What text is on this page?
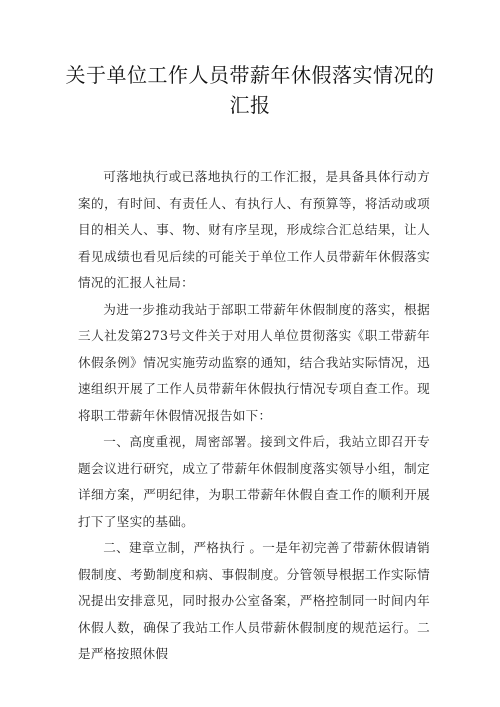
关于单位工作人员带薪年休假落实情况的
汇报

可落地执行或已落地执行的工作汇报，是具备具体行动方案的，有时间、有责任人、有执行人、有预算等，将活动或项目的相关人、事、物、财有序呈现，形成综合汇总结果，让人看见成绩也看见后续的可能关于单位工作人员带薪年休假落实情况的汇报人社局：

为进一步推动我站于部职工带薪年休假制度的落实，根据三人社发第273号文件关于对用人单位贯彻落实《职工带薪年休假条例》情况实施劳动监察的通知，结合我站实际情况，迅速组织开展了工作人员带薪年休假执行情况专项自查工作。现将职工带薪年休假情况报告如下：

一、高度重视，周密部署。接到文件后，我站立即召开专题会议进行研究，成立了带薪年休假制度落实领导小组，制定详细方案，严明纪律，为职工带薪年休假自查工作的顺利开展打下了坚实的基础。

二、建章立制，严格执行 。一是年初完善了带薪休假请销假制度、考勤制度和病、事假制度。分管领导根据工作实际情况提出安排意见，同时报办公室备案，严格控制同一时间内年休假人数，确保了我站工作人员带薪休假制度的规范运行。二是严格按照休假
